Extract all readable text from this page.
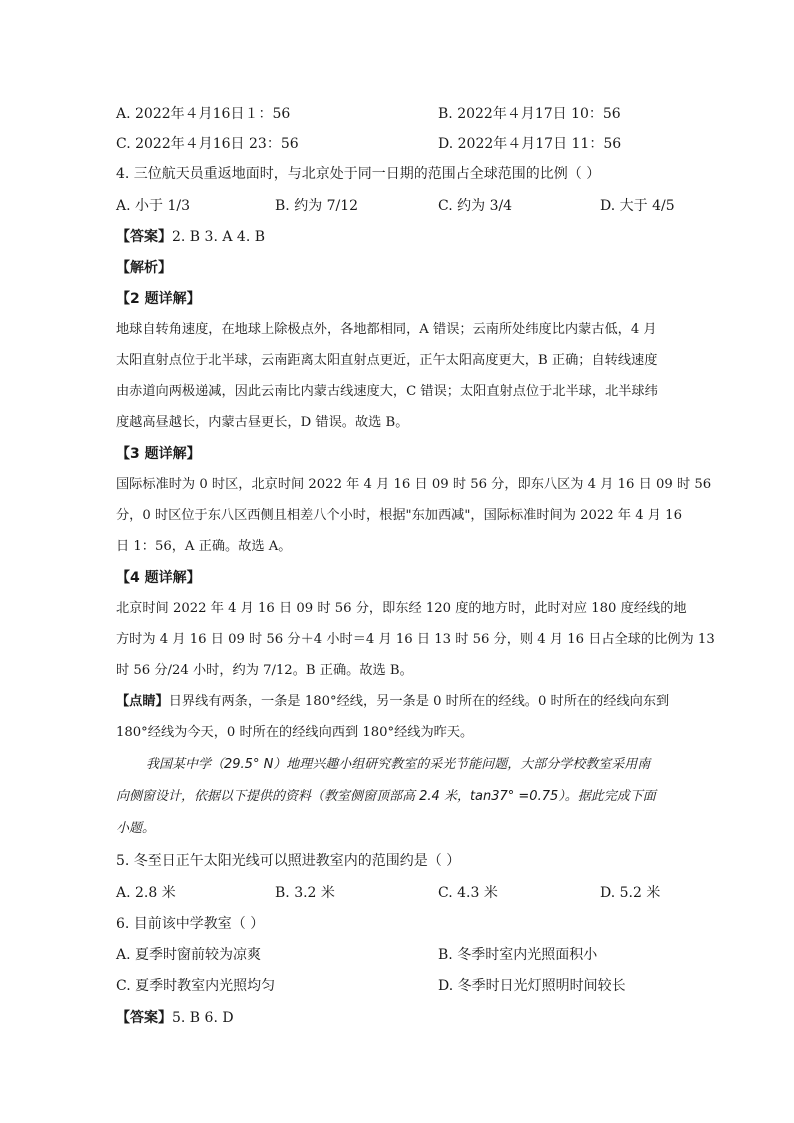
A. 2022年４月16日１：56	B. 2022年４月17日 10：56
C. 2022年４月16日 23：56	D. 2022年４月17日 11：56
4. 三位航天员重返地面时，与北京处于同一日期的范围占全球范围的比例（ ）
A. 小于 1/3	B. 约为 7/12	C. 约为 3/4	D. 大于 4/5
【答案】2. B 3. A 4. B
【解析】
【2 题详解】
地球自转角速度，在地球上除极点外，各地都相同，A 错误；云南所处纬度比内蒙古低，4 月
太阳直射点位于北半球，云南距离太阳直射点更近，正午太阳高度更大，B 正确；自转线速度
由赤道向两极递减，因此云南比内蒙古线速度大，C 错误；太阳直射点位于北半球，北半球纬
度越高昼越长，内蒙古昼更长，D 错误。故选 B。
【3 题详解】
国际标准时为 0 时区，北京时间 2022 年 4 月 16 日 09 时 56 分，即东八区为 4 月 16 日 09 时 56
分，0 时区位于东八区西侧且相差八个小时，根据"东加西减"，国际标准时间为 2022 年 4 月 16
日 1：56，A 正确。故选 A。
【4 题详解】
北京时间 2022 年 4 月 16 日 09 时 56 分，即东经 120 度的地方时，此时对应 180 度经线的地
方时为 4 月 16 日 09 时 56 分＋4 小时＝4 月 16 日 13 时 56 分，则 4 月 16 日占全球的比例为 13
时 56 分/24 小时，约为 7/12。B 正确。故选 B。
【点睛】日界线有两条，一条是 180°经线，另一条是 0 时所在的经线。0 时所在的经线向东到
180°经线为今天，0 时所在的经线向西到 180°经线为昨天。
我国某中学（29.5° N）地理兴趣小组研究教室的采光节能问题，大部分学校教室采用南
向侧窗设计，依据以下提供的资料（教室侧窗顶部高 2.4 米，tan37° =0.75）。据此完成下面
小题。
5. 冬至日正午太阳光线可以照进教室内的范围约是（ ）
A. 2.8 米	B. 3.2 米	C. 4.3 米	D. 5.2 米
6. 目前该中学教室（ ）
A. 夏季时窗前较为凉爽	B. 冬季时室内光照面积小
C. 夏季时教室内光照均匀	D. 冬季时日光灯照明时间较长
【答案】5. B 6. D
